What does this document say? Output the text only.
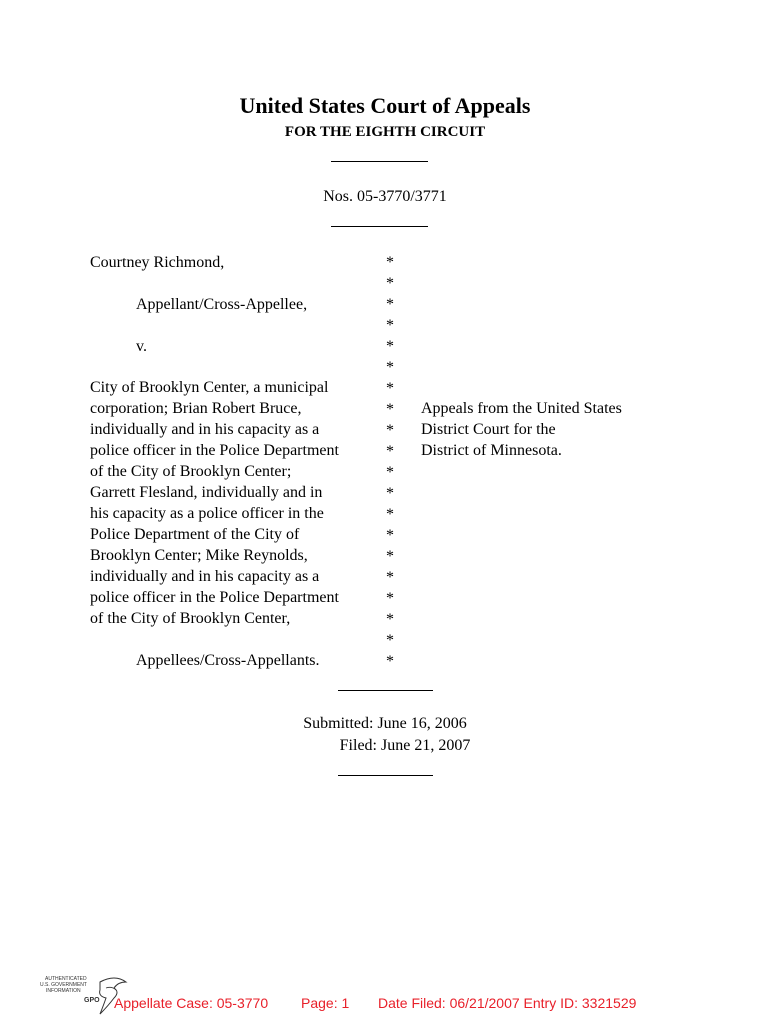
United States Court of Appeals
FOR THE EIGHTH CIRCUIT
Nos. 05-3770/3771
Courtney Richmond,
Appellant/Cross-Appellee,
v.
City of Brooklyn Center, a municipal
corporation; Brian Robert Bruce,
individually and in his capacity as a
police officer in the Police Department
of the City of Brooklyn Center;
Garrett Flesland, individually and in
his capacity as a police officer in the
Police Department of the City of
Brooklyn Center; Mike Reynolds,
individually and in his capacity as a
police officer in the Police Department
of the City of Brooklyn Center,
Appellees/Cross-Appellants.
*
*
*
*
*
*
*
*
*
*
*
*
*
*
*
*
*
*
*
*
Appeals from the United States
District Court for the
District of Minnesota.
Submitted: June 16, 2006
Filed: June 21, 2007
AUTHENTICATED
U.S. GOVERNMENT
INFORMATION
GPO Appellate Case: 05-3770 Page: 1 Date Filed: 06/21/2007 Entry ID: 3321529
